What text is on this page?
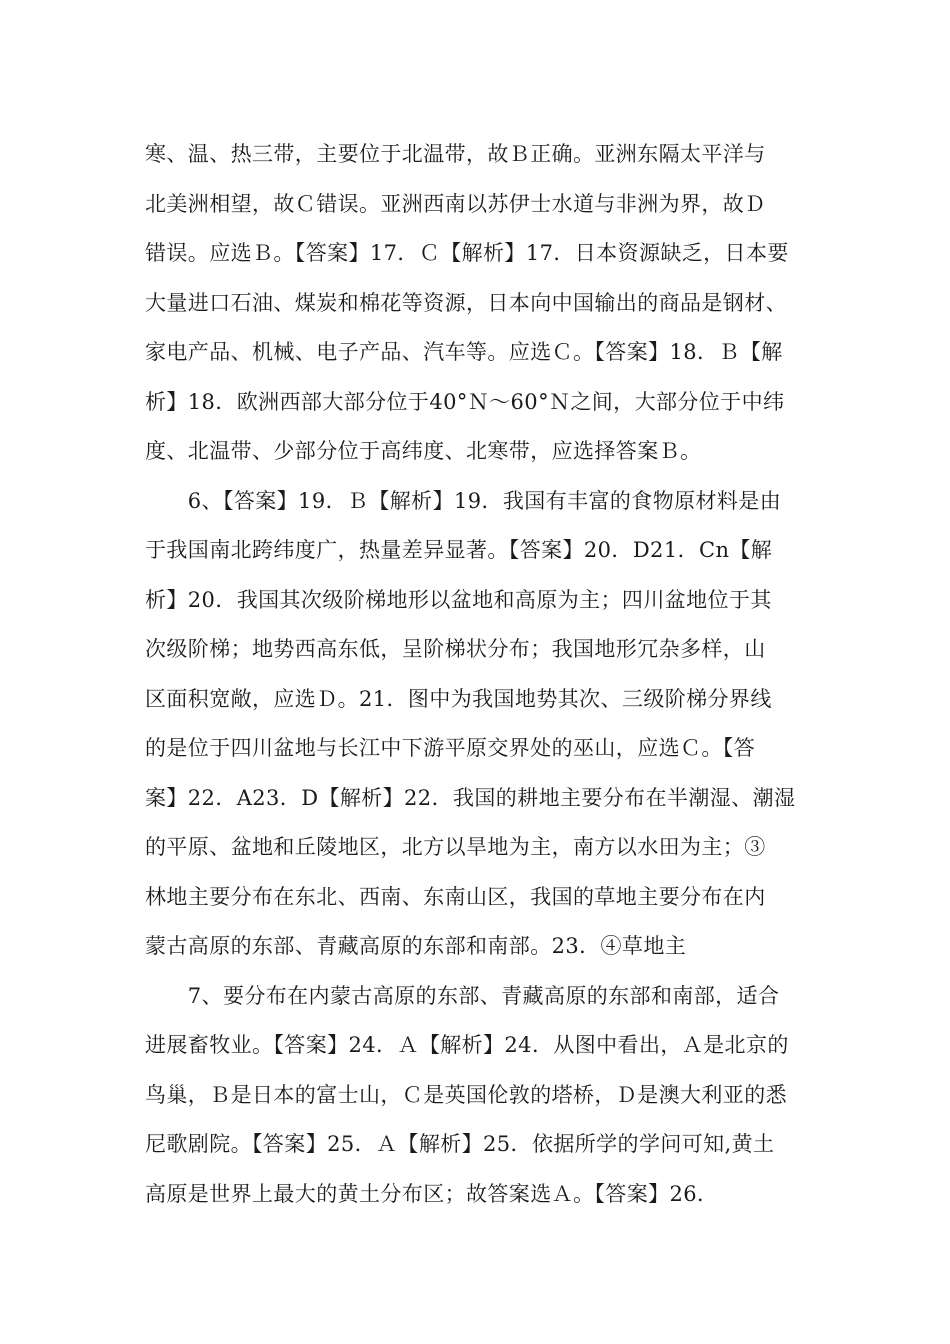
寒、温、热三带，主要位于北温带，故Ｂ正确。亚洲东隔太平洋与
北美洲相望，故Ｃ错误。亚洲西南以苏伊士水道与非洲为界，故Ｄ
错误。应选Ｂ。【答案】17．Ｃ【解析】17．日本资源缺乏，日本要
大量进口石油、煤炭和棉花等资源，日本向中国输出的商品是钢材、
家电产品、机械、电子产品、汽车等。应选Ｃ。【答案】18．Ｂ【解
析】18．欧洲西部大部分位于40°Ｎ～60°Ｎ之间，大部分位于中纬
度、北温带、少部分位于高纬度、北寒带，应选择答案Ｂ。
　　6、【答案】19．Ｂ【解析】19．我国有丰富的食物原材料是由
于我国南北跨纬度广，热量差异显著。【答案】20．D21．Cn【解
析】20．我国其次级阶梯地形以盆地和高原为主；四川盆地位于其
次级阶梯；地势西高东低，呈阶梯状分布；我国地形冗杂多样，山
区面积宽敞，应选Ｄ。21．图中为我国地势其次、三级阶梯分界线
的是位于四川盆地与长江中下游平原交界处的巫山，应选Ｃ。【答
案】22．A23．D【解析】22．我国的耕地主要分布在半潮湿、潮湿
的平原、盆地和丘陵地区，北方以旱地为主，南方以水田为主；③
林地主要分布在东北、西南、东南山区，我国的草地主要分布在内
蒙古高原的东部、青藏高原的东部和南部。23．④草地主
　　7、要分布在内蒙古高原的东部、青藏高原的东部和南部，适合
进展畜牧业。【答案】24．Ａ【解析】24．从图中看出，Ａ是北京的
鸟巢，Ｂ是日本的富士山，Ｃ是英国伦敦的塔桥，Ｄ是澳大利亚的悉
尼歌剧院。【答案】25．Ａ【解析】25．依据所学的学问可知,黄土
高原是世界上最大的黄土分布区；故答案选Ａ。【答案】26．
